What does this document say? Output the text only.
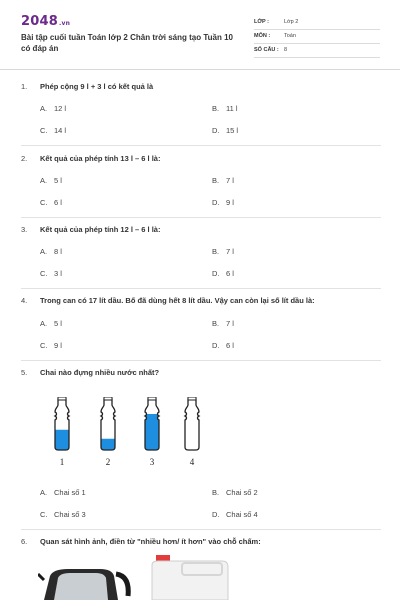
2048.vn
Bài tập cuối tuần Toán lớp 2 Chân trời sáng tạo Tuần 10 có đáp án
LỚP :	Lớp 2
MÔN :	Toán
SỐ CÂU : 8
1. Phép cộng 9 l + 3 l có kết quả là
A. 12 l	B. 11 l
C. 14 l	D. 15 l
2. Kết quả của phép tính 13 l – 6 l là:
A. 5 l	B. 7 l
C. 6 l	D. 9 l
3. Kết quả của phép tính 12 l – 6 l là:
A. 8 l	B. 7 l
C. 3 l	D. 6 l
4. Trong can có 17 lít dầu. Bố đã dùng hết 8 lít dầu. Vậy can còn lại số lít dầu là:
A. 5 l	B. 7 l
C. 9 l	D. 6 l
5. Chai nào đựng nhiều nước nhất?
1	2	3	4
A. Chai số 1	B. Chai số 2
C. Chai số 3	D. Chai số 4
6. Quan sát hình ảnh, điền từ "nhiều hơn/ ít hơn" vào chỗ chấm:
